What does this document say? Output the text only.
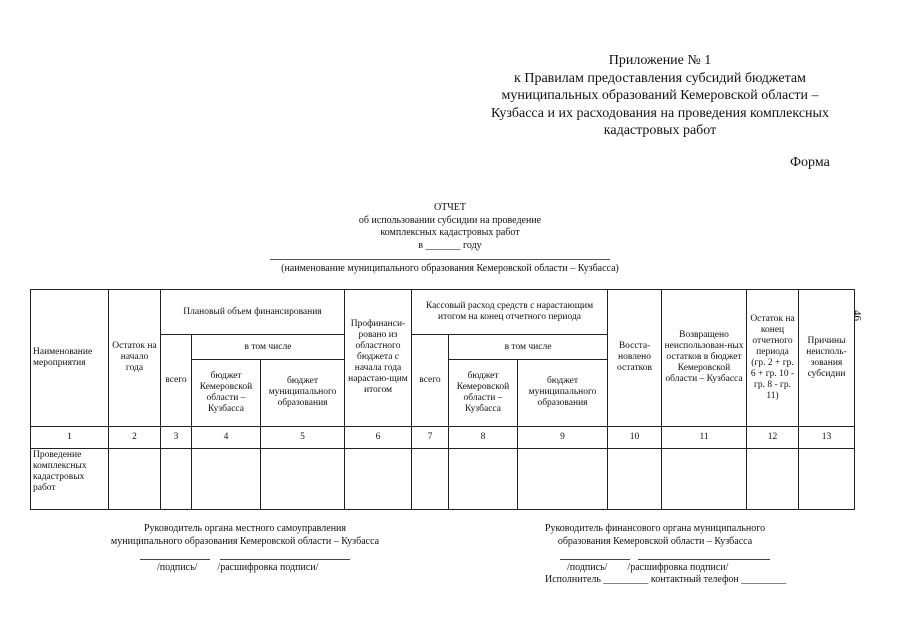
Приложение № 1
к Правилам предоставления субсидий бюджетам
муниципальных образований Кемеровской области –
Кузбасса и их расходования на проведения комплексных
кадастровых работ
Форма
ОТЧЕТ
об использовании субсидии на проведение
комплексных кадастровых работ
в _______ году
(наименование муниципального образования Кемеровской области – Кузбасса)
46
Наименование мероприятия	Остаток на начало года	Плановый объем финансирования			Профинанси-ровано из областного бюджета с начала года нарастаю-щим итогом	Кассовый расход средств с нарастающим итогом на конец отчетного периода			Восста-новлено остатков	Возвращено неиспользован-ных остатков в бюджет Кемеровской области – Кузбасса	Остаток на конец отчетного периода (гр. 2 + гр. 6 + гр. 10 - гр. 8 - гр. 11)	Причины неисполь-зования субсидии
		всего	в том числе			всего	в том числе					
			бюджет Кемеровской области – Кузбасса	бюджет муниципального образования			бюджет Кемеровской области – Кузбасса	бюджет муниципального образования				
1	2	3	4	5	6	7	8	9	10	11	12	13
Проведение комплексных кадастровых работ												
Руководитель органа местного самоуправления
муниципального образования Кемеровской области – Кузбасса
/подпись/        /расшифровка подписи/
Руководитель финансового органа муниципального
образования Кемеровской области – Кузбасса
/подпись/        /расшифровка подписи/
Исполнитель _________ контактный телефон _________
